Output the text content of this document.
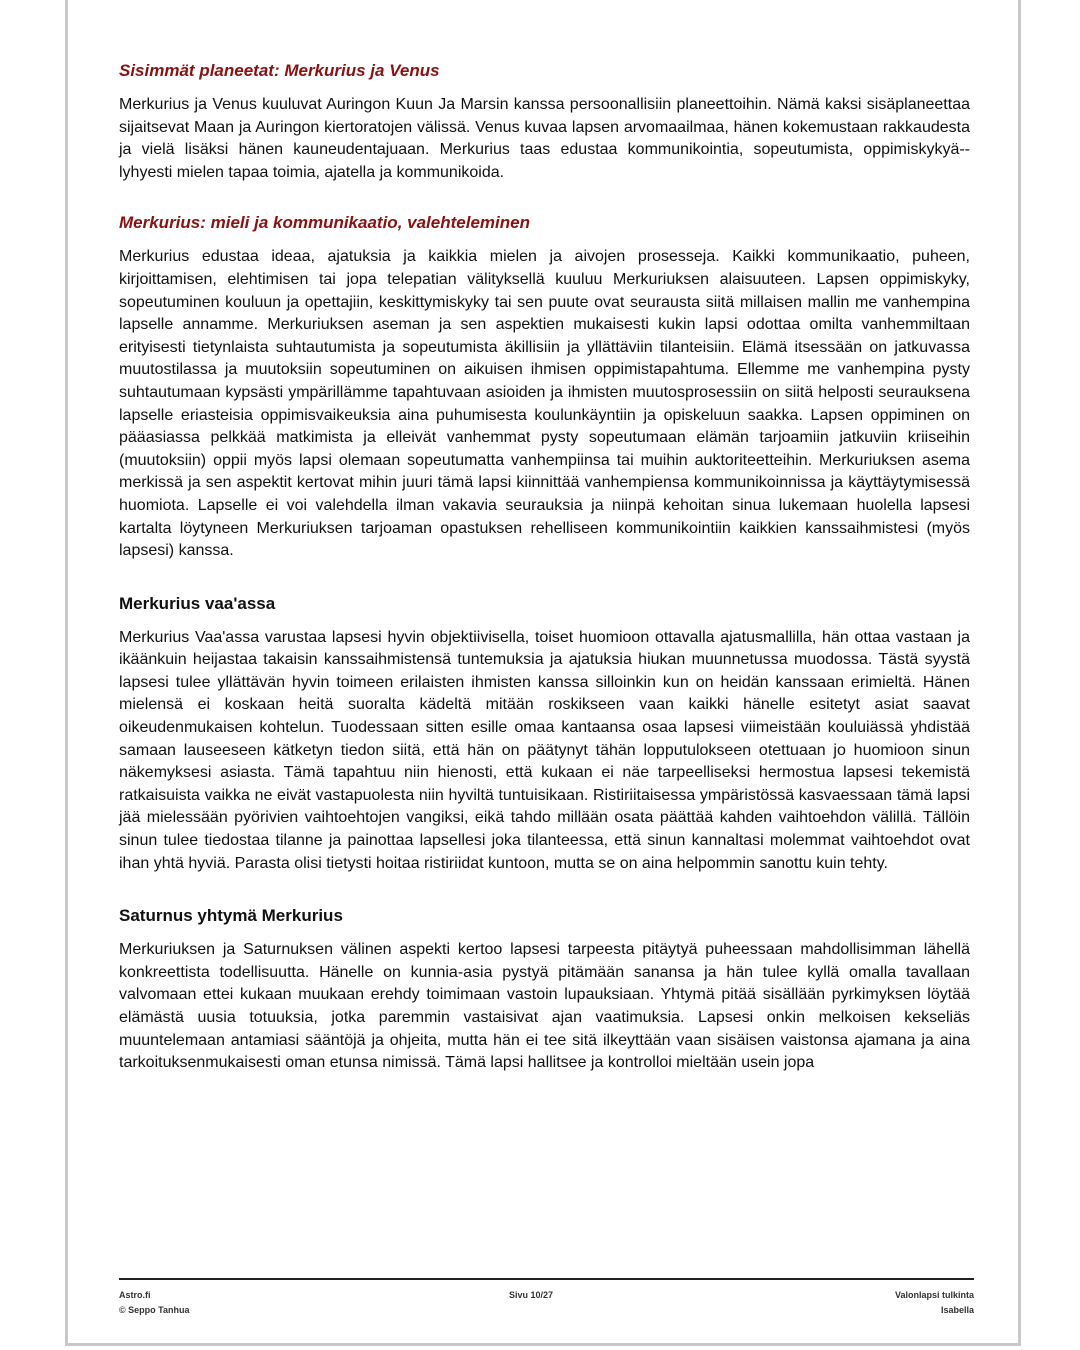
Sisimmät planeetat: Merkurius ja Venus

Merkurius ja Venus kuuluvat Auringon Kuun Ja Marsin kanssa persoonallisiin planeettoihin. Nämä kaksi sisäplaneettaa sijaitsevat Maan ja Auringon kiertoratojen välissä. Venus kuvaa lapsen arvomaailmaa, hänen kokemustaan rakkaudesta ja vielä lisäksi hänen kauneudentajuaan. Merkurius taas edustaa kommunikointia, sopeutumista, oppimiskykyä-- lyhyesti mielen tapaa toimia, ajatella ja kommunikoida.

Merkurius: mieli ja kommunikaatio, valehteleminen

Merkurius edustaa ideaa, ajatuksia ja kaikkia mielen ja aivojen prosesseja. Kaikki kommunikaatio, puheen, kirjoittamisen, elehtimisen tai jopa telepatian välityksellä kuuluu Merkuriuksen alaisuuteen. Lapsen oppimiskyky, sopeutuminen kouluun ja opettajiin, keskittymiskyky tai sen puute ovat seurausta siitä millaisen mallin me vanhempina lapselle annamme. Merkuriuksen aseman ja sen aspektien mukaisesti kukin lapsi odottaa omilta vanhemmiltaan erityisesti tietynlaista suhtautumista ja sopeutumista äkillisiin ja yllättäviin tilanteisiin. Elämä itsessään on jatkuvassa muutostilassa ja muutoksiin sopeutuminen on aikuisen ihmisen oppimistapahtuma. Ellemme me vanhempina pysty suhtautumaan kypsästi ympärillämme tapahtuvaan asioiden ja ihmisten muutosprosessiin on siitä helposti seurauksena lapselle eriasteisia oppimisvaikeuksia aina puhumisesta koulunkäyntiin ja opiskeluun saakka. Lapsen oppiminen on pääasiassa pelkkää matkimista ja elleivät vanhemmat pysty sopeutumaan elämän tarjoamiin jatkuviin kriiseihin (muutoksiin) oppii myös lapsi olemaan sopeutumatta vanhempiinsa tai muihin auktoriteetteihin. Merkuriuksen asema merkissä ja sen aspektit kertovat mihin juuri tämä lapsi kiinnittää vanhempiensa kommunikoinnissa ja käyttäytymisessä huomiota. Lapselle ei voi valehdella ilman vakavia seurauksia ja niinpä kehoitan sinua lukemaan huolella lapsesi kartalta löytyneen Merkuriuksen tarjoaman opastuksen rehelliseen kommunikointiin kaikkien kanssaihmistesi (myös lapsesi) kanssa.

Merkurius vaa'assa

Merkurius Vaa'assa varustaa lapsesi hyvin objektiivisella, toiset huomioon ottavalla ajatusmallilla, hän ottaa vastaan ja ikäänkuin heijastaa takaisin kanssaihmistensä tuntemuksia ja ajatuksia hiukan muunnetussa muodossa. Tästä syystä lapsesi tulee yllättävän hyvin toimeen erilaisten ihmisten kanssa silloinkin kun on heidän kanssaan erimieltä. Hänen mielensä ei koskaan heitä suoralta kädeltä mitään roskikseen vaan kaikki hänelle esitetyt asiat saavat oikeudenmukaisen kohtelun. Tuodessaan sitten esille omaa kantaansa osaa lapsesi viimeistään kouluiässä yhdistää samaan lauseeseen kätketyn tiedon siitä, että hän on päätynyt tähän lopputulokseen otettuaan jo huomioon sinun näkemyksesi asiasta. Tämä tapahtuu niin hienosti, että kukaan ei näe tarpeelliseksi hermostua lapsesi tekemistä ratkaisuista vaikka ne eivät vastapuolesta niin hyviltä tuntuisikaan. Ristiriitaisessa ympäristössä kasvaessaan tämä lapsi jää mielessään pyörivien vaihtoehtojen vangiksi, eikä tahdo millään osata päättää kahden vaihtoehdon välillä. Tällöin sinun tulee tiedostaa tilanne ja painottaa lapsellesi joka tilanteessa, että sinun kannaltasi molemmat vaihtoehdot ovat ihan yhtä hyviä. Parasta olisi tietysti hoitaa ristiriidat kuntoon, mutta se on aina helpommin sanottu kuin tehty.

Saturnus yhtymä Merkurius

Merkuriuksen ja Saturnuksen välinen aspekti kertoo lapsesi tarpeesta pitäytyä puheessaan mahdollisimman lähellä konkreettista todellisuutta. Hänelle on kunnia-asia pystyä pitämään sanansa ja hän tulee kyllä omalla tavallaan valvomaan ettei kukaan muukaan erehdy toimimaan vastoin lupauksiaan. Yhtymä pitää sisällään pyrkimyksen löytää elämästä uusia totuuksia, jotka paremmin vastaisivat ajan vaatimuksia. Lapsesi onkin melkoisen kekseliäs muuntelemaan antamiasi sääntöjä ja ohjeita, mutta hän ei tee sitä ilkeyttään vaan sisäisen vaistonsa ajamana ja aina tarkoituksenmukaisesti oman etunsa nimissä. Tämä lapsi hallitsee ja kontrolloi mieltään usein jopa

Astro.fi
© Seppo Tanhua
Sivu 10/27	Valonlapsi tulkinta
Isabella
